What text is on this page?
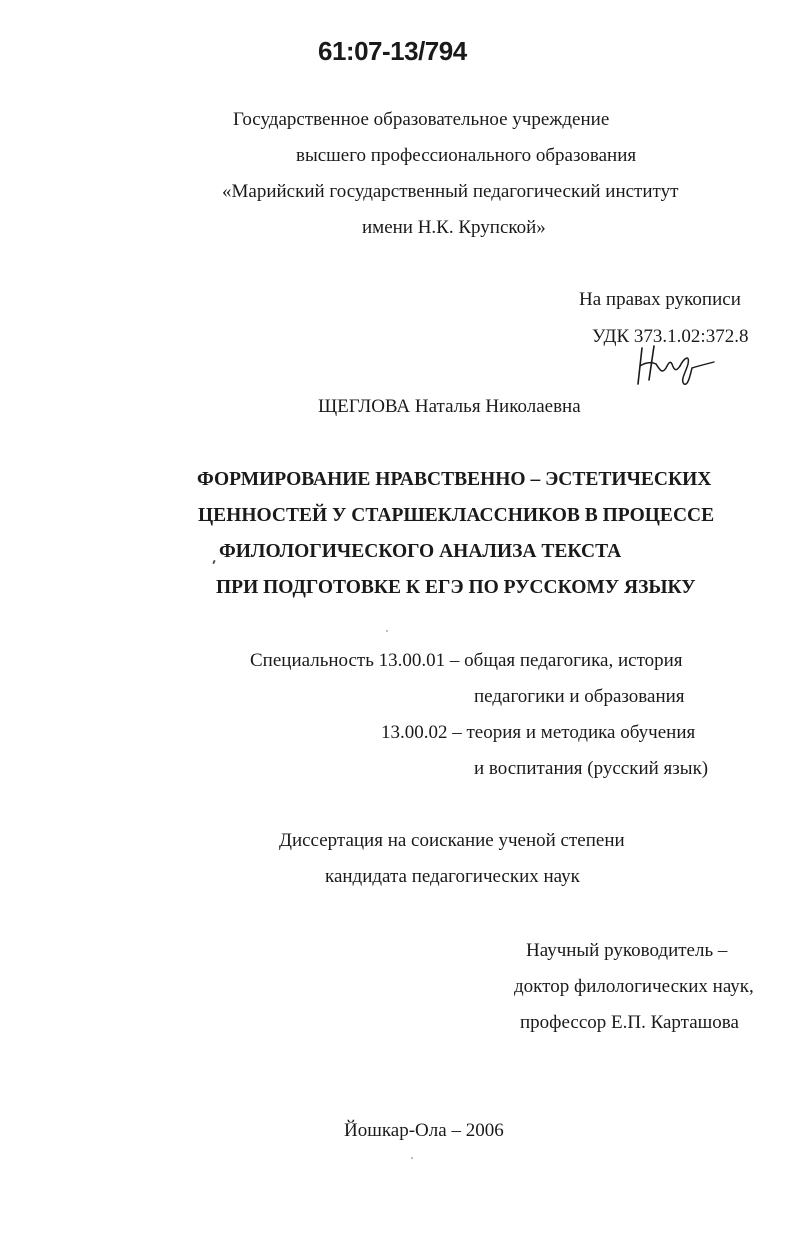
61:07-13/794
Государственное образовательное учреждение
высшего профессионального образования
«Марийский государственный педагогический институт
имени Н.К. Крупской»
На правах рукописи
УДК 373.1.02:372.8
ЩЕГЛОВА Наталья Николаевна
ФОРМИРОВАНИЕ НРАВСТВЕННО – ЭСТЕТИЧЕСКИХ
ЦЕННОСТЕЙ У СТАРШЕКЛАССНИКОВ В ПРОЦЕССЕ
ФИЛОЛОГИЧЕСКОГО АНАЛИЗА ТЕКСТА
ПРИ ПОДГОТОВКЕ К ЕГЭ ПО РУССКОМУ ЯЗЫКУ
Специальность 13.00.01 – общая педагогика, история
педагогики и образования
13.00.02 – теория и методика обучения
и воспитания (русский язык)
Диссертация на соискание ученой степени
кандидата педагогических наук
Научный руководитель –
доктор филологических наук,
профессор Е.П. Карташова
Йошкар-Ола – 2006
